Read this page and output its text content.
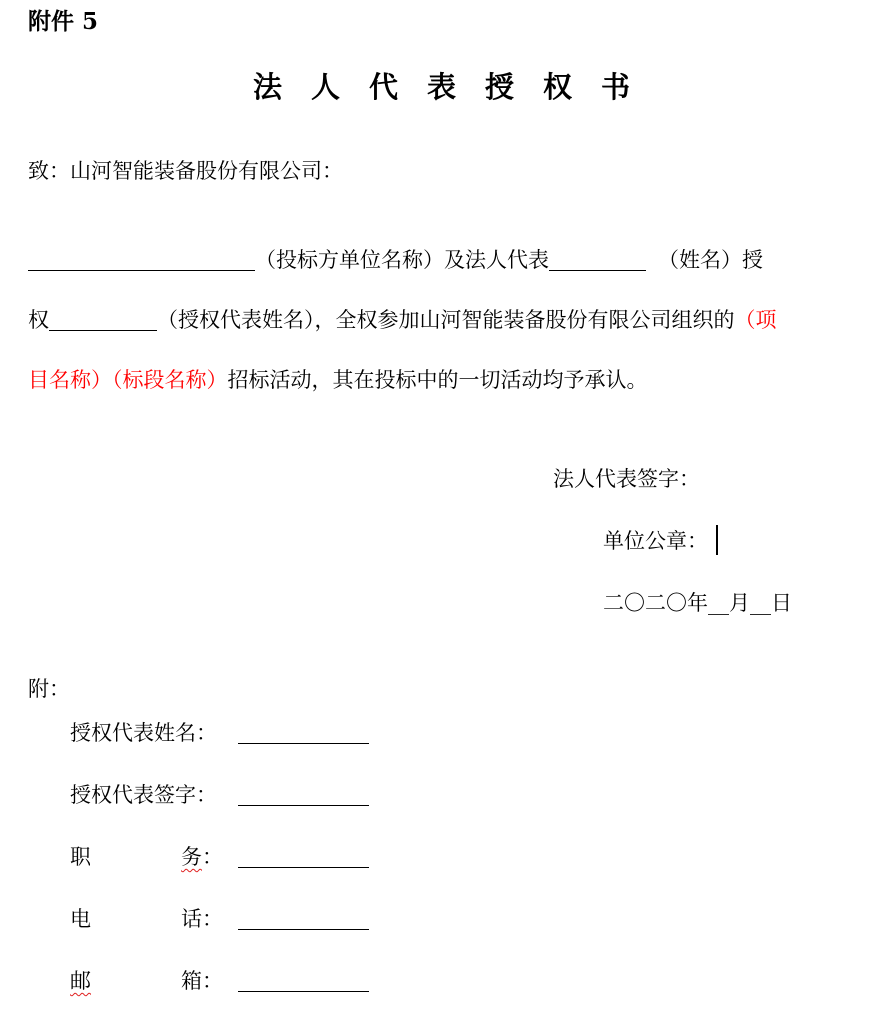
附件 5
法人代表授权书
致：山河智能装备股份有限公司：
（投标方单位名称）及法人代表	（姓名）授
权	（授权代表姓名），全权参加山河智能装备股份有限公司组织的（项
目名称）（标段名称）招标活动，其在投标中的一切活动均予承认。
法人代表签字：
单位公章：
二〇二〇年__月__日
附：
授权代表姓名：
授权代表签字：
职	务 ：
电	话 ：
邮	箱 ：
